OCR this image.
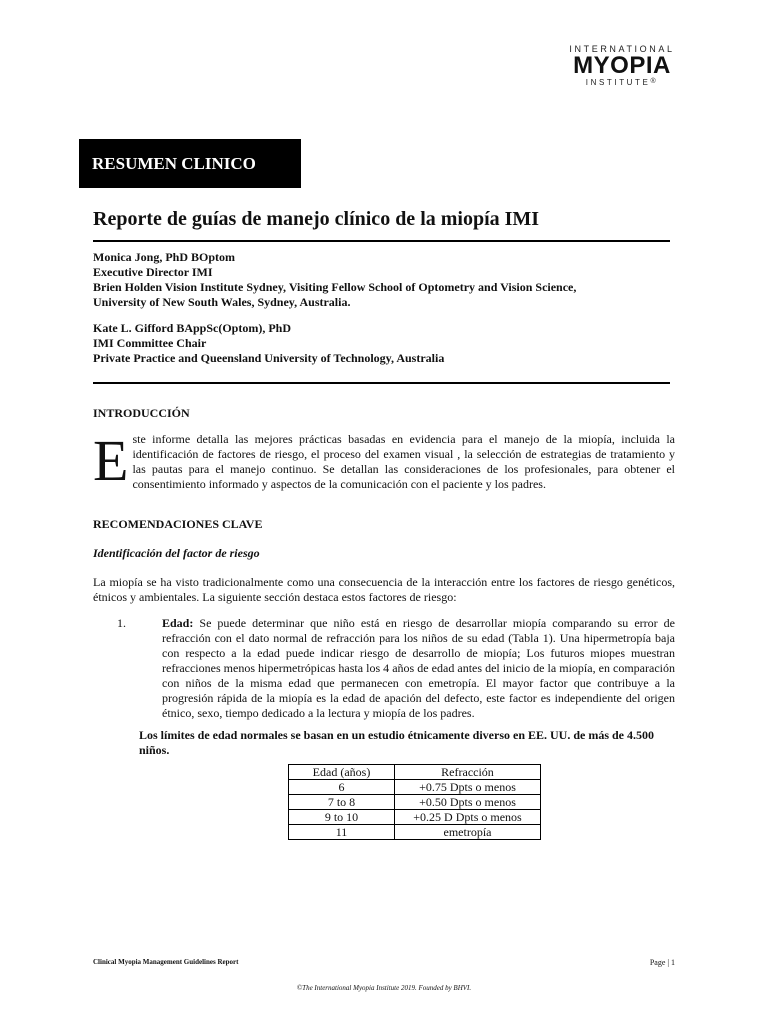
INTERNATIONAL
MYOPIA
INSTITUTE®
RESUMEN CLINICO
Reporte de guías de manejo clínico de la miopía IMI
Monica Jong, PhD BOptom
Executive Director IMI
Brien Holden Vision Institute Sydney, Visiting Fellow School of Optometry and Vision Science,
University of New South Wales, Sydney, Australia.
Kate L. Gifford BAppSc(Optom), PhD
IMI Committee Chair
Private Practice and Queensland University of Technology, Australia
INTRODUCCIÓN
Este informe detalla las mejores prácticas basadas en evidencia para el manejo de la miopía, incluida la identificación de factores de riesgo, el proceso del examen visual , la selección de estrategias de tratamiento y las pautas para el manejo continuo. Se detallan las consideraciones de los profesionales, para obtener el consentimiento informado y aspectos de la comunicación con el paciente y los padres.
RECOMENDACIONES CLAVE
Identificación del factor de riesgo
La miopía se ha visto tradicionalmente como una consecuencia de la interacción entre los factores de riesgo genéticos, étnicos y ambientales. La siguiente sección destaca estos factores de riesgo:
1.	Edad: Se puede determinar que niño está en riesgo de desarrollar miopía comparando su error de refracción con el dato normal de refracción para los niños de su edad (Tabla 1). Una hipermetropía baja con respecto a la edad puede indicar riesgo de desarrollo de miopía; Los futuros miopes muestran refracciones menos hipermetrópicas hasta los 4 años de edad antes del inicio de la miopía, en comparación con niños de la misma edad que permanecen con emetropía. El mayor factor que contribuye a la progresión rápida de la miopía es la edad de apación del defecto, este factor es independiente del origen étnico, sexo, tiempo dedicado a la lectura y miopía de los padres.
Los límites de edad normales se basan en un estudio étnicamente diverso en EE. UU. de más de 4.500 niños.
Edad (años)	Refracción
6	+0.75 Dpts o menos
7 to 8	+0.50 Dpts o menos
9 to 10	+0.25 D Dpts o menos
11	emetropía
Clinical Myopia Management Guidelines Report	Page | 1
©The International Myopia Institute 2019. Founded by BHVI.
